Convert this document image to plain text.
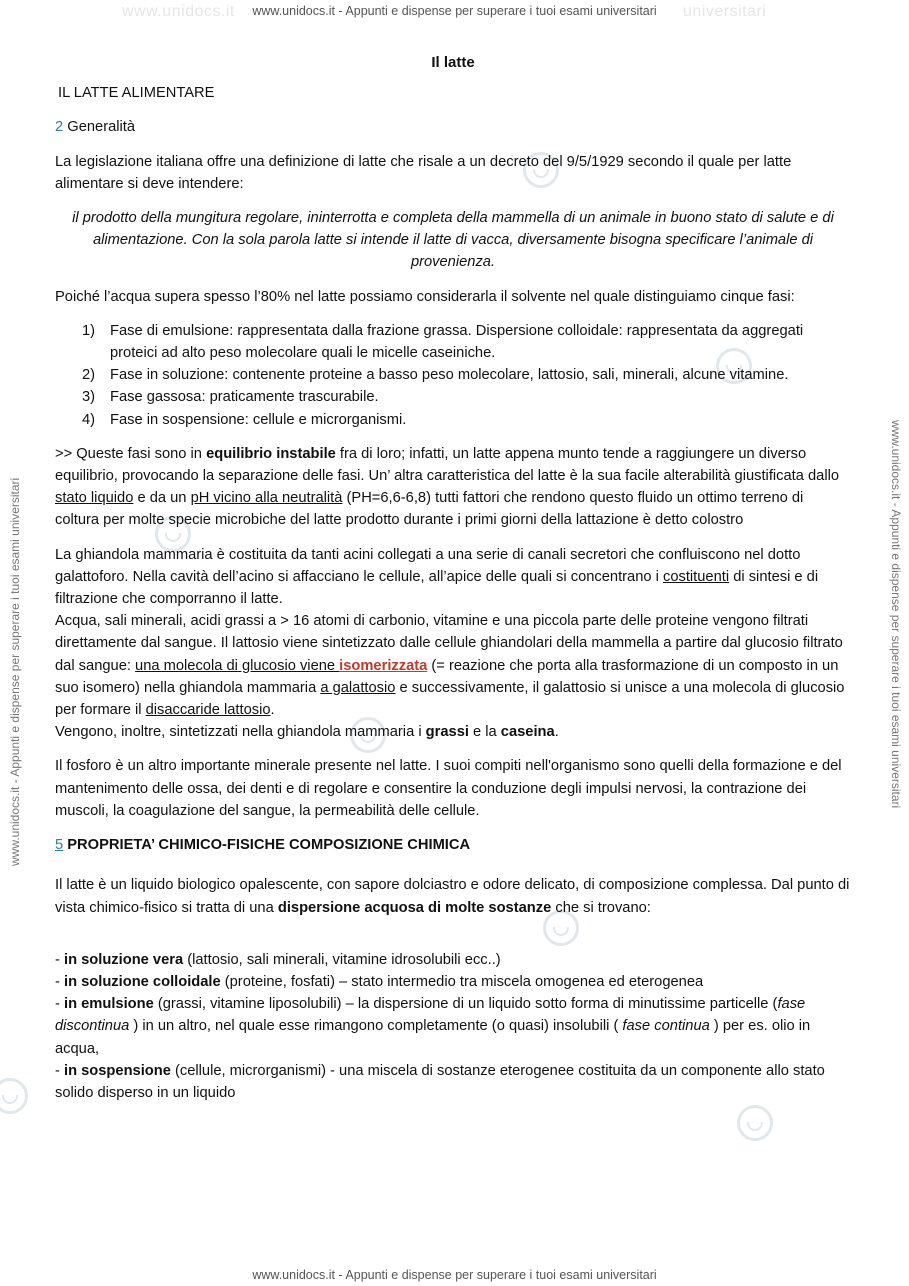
www.unidocs.it	universitari
www.unidocs.it - Appunti e dispense per superare i tuoi esami universitari
www.unidocs.it - Appunti e dispense per superare i tuoi esami universitari
www.unidocs.it - Appunti e dispense per superare i tuoi esami universitari	www.unidocs.it - Appunti e dispense per superare i tuoi esami universitari
Il latte
IL LATTE ALIMENTARE
2 Generalità
La legislazione italiana offre una definizione di latte che risale a un decreto del 9/5/1929 secondo il quale per latte alimentare si deve intendere:
il prodotto della mungitura regolare, ininterrotta e completa della mammella di un animale in buono stato di salute e di alimentazione. Con la sola parola latte si intende il latte di vacca, diversamente bisogna specificare l’animale di provenienza.
Poiché l’acqua supera spesso l’80% nel latte possiamo considerarla il solvente nel quale distinguiamo cinque fasi:
1) Fase di emulsione: rappresentata dalla frazione grassa. Dispersione colloidale: rappresentata da aggregati proteici ad alto peso molecolare quali le micelle caseiniche.
2) Fase in soluzione: contenente proteine a basso peso molecolare, lattosio, sali, minerali, alcune vitamine.
3) Fase gassosa: praticamente trascurabile.
4) Fase in sospensione: cellule e microrganismi.
>> Queste fasi sono in equilibrio instabile fra di loro; infatti, un latte appena munto tende a raggiungere un diverso equilibrio, provocando la separazione delle fasi. Un’ altra caratteristica del latte è la sua facile alterabilità giustificata dallo stato liquido e da un pH vicino alla neutralità (PH=6,6-6,8) tutti fattori che rendono questo fluido un ottimo terreno di coltura per molte specie microbiche del latte prodotto durante i primi giorni della lattazione è detto colostro
La ghiandola mammaria è costituita da tanti acini collegati a una serie di canali secretori che confluiscono nel dotto galattoforo. Nella cavità dell’acino si affacciano le cellule, all’apice delle quali si concentrano i costituenti di sintesi e di filtrazione che comporranno il latte.
Acqua, sali minerali, acidi grassi a > 16 atomi di carbonio, vitamine e una piccola parte delle proteine vengono filtrati direttamente dal sangue. Il lattosio viene sintetizzato dalle cellule ghiandolari della mammella a partire dal glucosio filtrato dal sangue: una molecola di glucosio viene isomerizzata (= reazione che porta alla trasformazione di un composto in un suo isomero) nella ghiandola mammaria a galattosio e successivamente, il galattosio si unisce a una molecola di glucosio per formare il disaccaride lattosio.
Vengono, inoltre, sintetizzati nella ghiandola mammaria i grassi e la caseina.
Il fosforo è un altro importante minerale presente nel latte. I suoi compiti nell'organismo sono quelli della formazione e del mantenimento delle ossa, dei denti e di regolare e consentire la conduzione degli impulsi nervosi, la contrazione dei muscoli, la coagulazione del sangue, la permeabilità delle cellule.
5 PROPRIETA’ CHIMICO-FISICHE COMPOSIZIONE CHIMICA
Il latte è un liquido biologico opalescente, con sapore dolciastro e odore delicato, di composizione complessa. Dal punto di vista chimico-fisico si tratta di una dispersione acquosa di molte sostanze che si trovano:
- in soluzione vera (lattosio, sali minerali, vitamine idrosolubili ecc..)
- in soluzione colloidale (proteine, fosfati) – stato intermedio tra miscela omogenea ed eterogenea
- in emulsione (grassi, vitamine liposolubili) – la dispersione di un liquido sotto forma di minutissime particelle (fase discontinua ) in un altro, nel quale esse rimangono completamente (o quasi) insolubili ( fase continua ) per es. olio in acqua,
- in sospensione (cellule, microrganismi) - una miscela di sostanze eterogenee costituita da un componente allo stato solido disperso in un liquido
